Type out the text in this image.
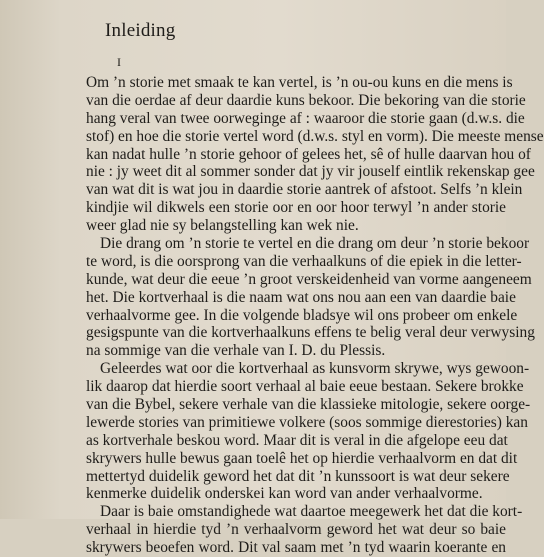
Inleiding
I
Om ’n storie met smaak te kan vertel, is ’n ou-ou kuns en die mens is
van die oerdae af deur daardie kuns bekoor. Die bekoring van die storie
hang veral van twee oorweginge af : waaroor die storie gaan (d.w.s. die
stof) en hoe die storie vertel word (d.w.s. styl en vorm). Die meeste mense
kan nadat hulle ’n storie gehoor of gelees het, sê of hulle daarvan hou of
nie : jy weet dit al sommer sonder dat jy vir jouself eintlik rekenskap gee
van wat dit is wat jou in daardie storie aantrek of afstoot. Selfs ’n klein
kindjie wil dikwels een storie oor en oor hoor terwyl ’n ander storie
weer glad nie sy belangstelling kan wek nie.
Die drang om ’n storie te vertel en die drang om deur ’n storie bekoor
te word, is die oorsprong van die verhaalkuns of die epiek in die letter-
kunde, wat deur die eeue ’n groot verskeidenheid van vorme aangeneem
het. Die kortverhaal is die naam wat ons nou aan een van daardie baie
verhaalvorme gee. In die volgende bladsye wil ons probeer om enkele
gesigspunte van die kortverhaalkuns effens te belig veral deur verwysing
na sommige van die verhale van I. D. du Plessis.
Geleerdes wat oor die kortverhaal as kunsvorm skrywe, wys gewoon-
lik daarop dat hierdie soort verhaal al baie eeue bestaan. Sekere brokke
van die Bybel, sekere verhale van die klassieke mitologie, sekere oorge-
lewerde stories van primitiewe volkere (soos sommige dierestories) kan
as kortverhale beskou word. Maar dit is veral in die afgelope eeu dat
skrywers hulle bewus gaan toelê het op hierdie verhaalvorm en dat dit
mettertyd duidelik geword het dat dit ’n kunssoort is wat deur sekere
kenmerke duidelik onderskei kan word van ander verhaalvorme.
Daar is baie omstandighede wat daartoe meegewerk het dat die kort-
verhaal in hierdie tyd ’n verhaalvorm geword het wat deur so baie
skrywers beoefen word. Dit val saam met ’n tyd waarin koerante en
